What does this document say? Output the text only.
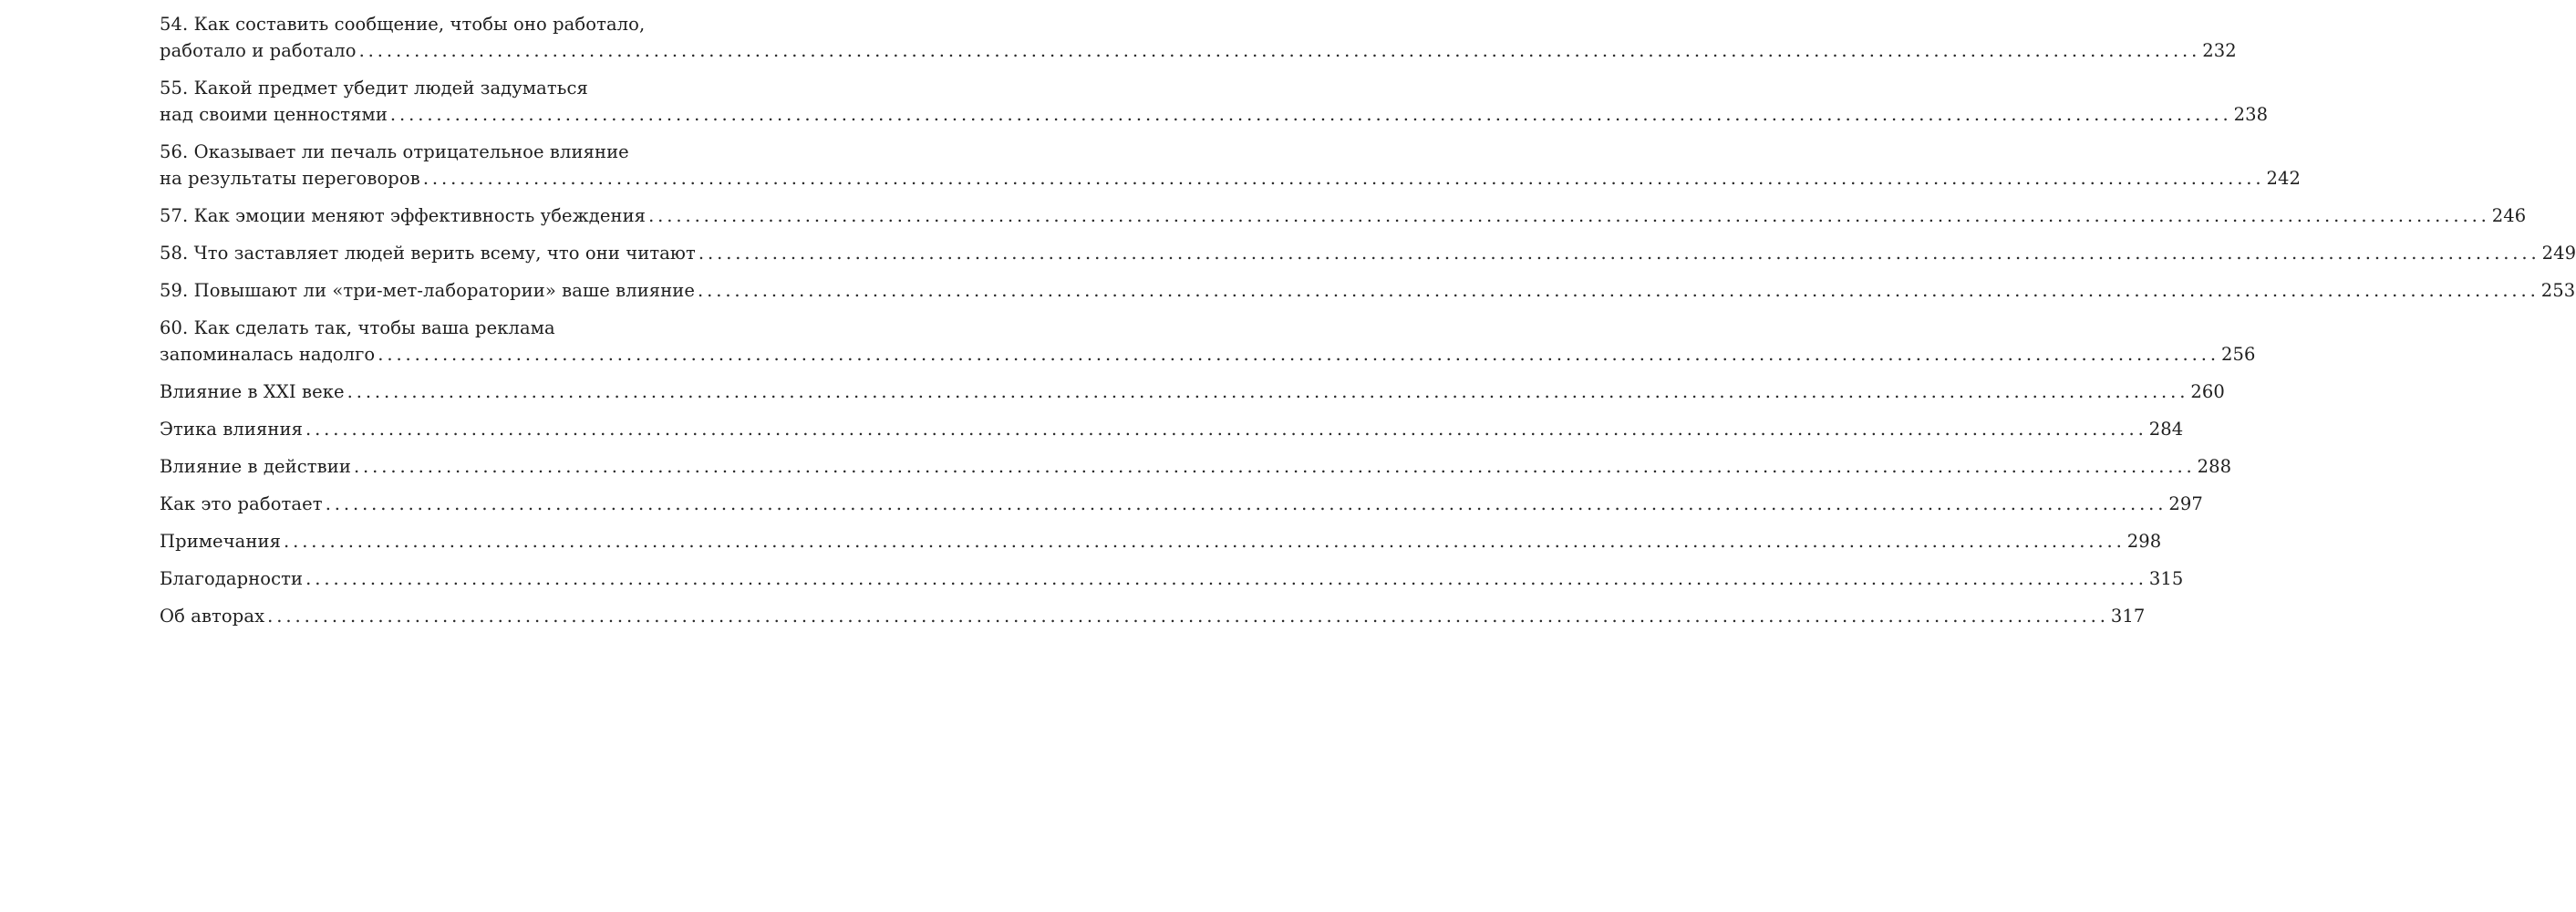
54. Как составить сообщение, чтобы оно работало,
работало и работало ........................................................................................................................................................................................................ 232
55. Какой предмет убедит людей задуматься
над своими ценностями ........................................................................................................................................................................................................ 238
56. Оказывает ли печаль отрицательное влияние
на результаты переговоров ........................................................................................................................................................................................................ 242
57. Как эмоции меняют эффективность убеждения ........................................................................................................................................................................................................ 246
58. Что заставляет людей верить всему, что они читают ........................................................................................................................................................................................................ 249
59. Повышают ли «три-мет-лаборатории» ваше влияние ........................................................................................................................................................................................................ 253
60. Как сделать так, чтобы ваша реклама
запоминалась надолго ........................................................................................................................................................................................................ 256
Влияние в XXI веке ........................................................................................................................................................................................................ 260
Этика влияния ........................................................................................................................................................................................................ 284
Влияние в действии ........................................................................................................................................................................................................ 288
Как это работает ........................................................................................................................................................................................................ 297
Примечания ........................................................................................................................................................................................................ 298
Благодарности ........................................................................................................................................................................................................ 315
Об авторах ........................................................................................................................................................................................................ 317
